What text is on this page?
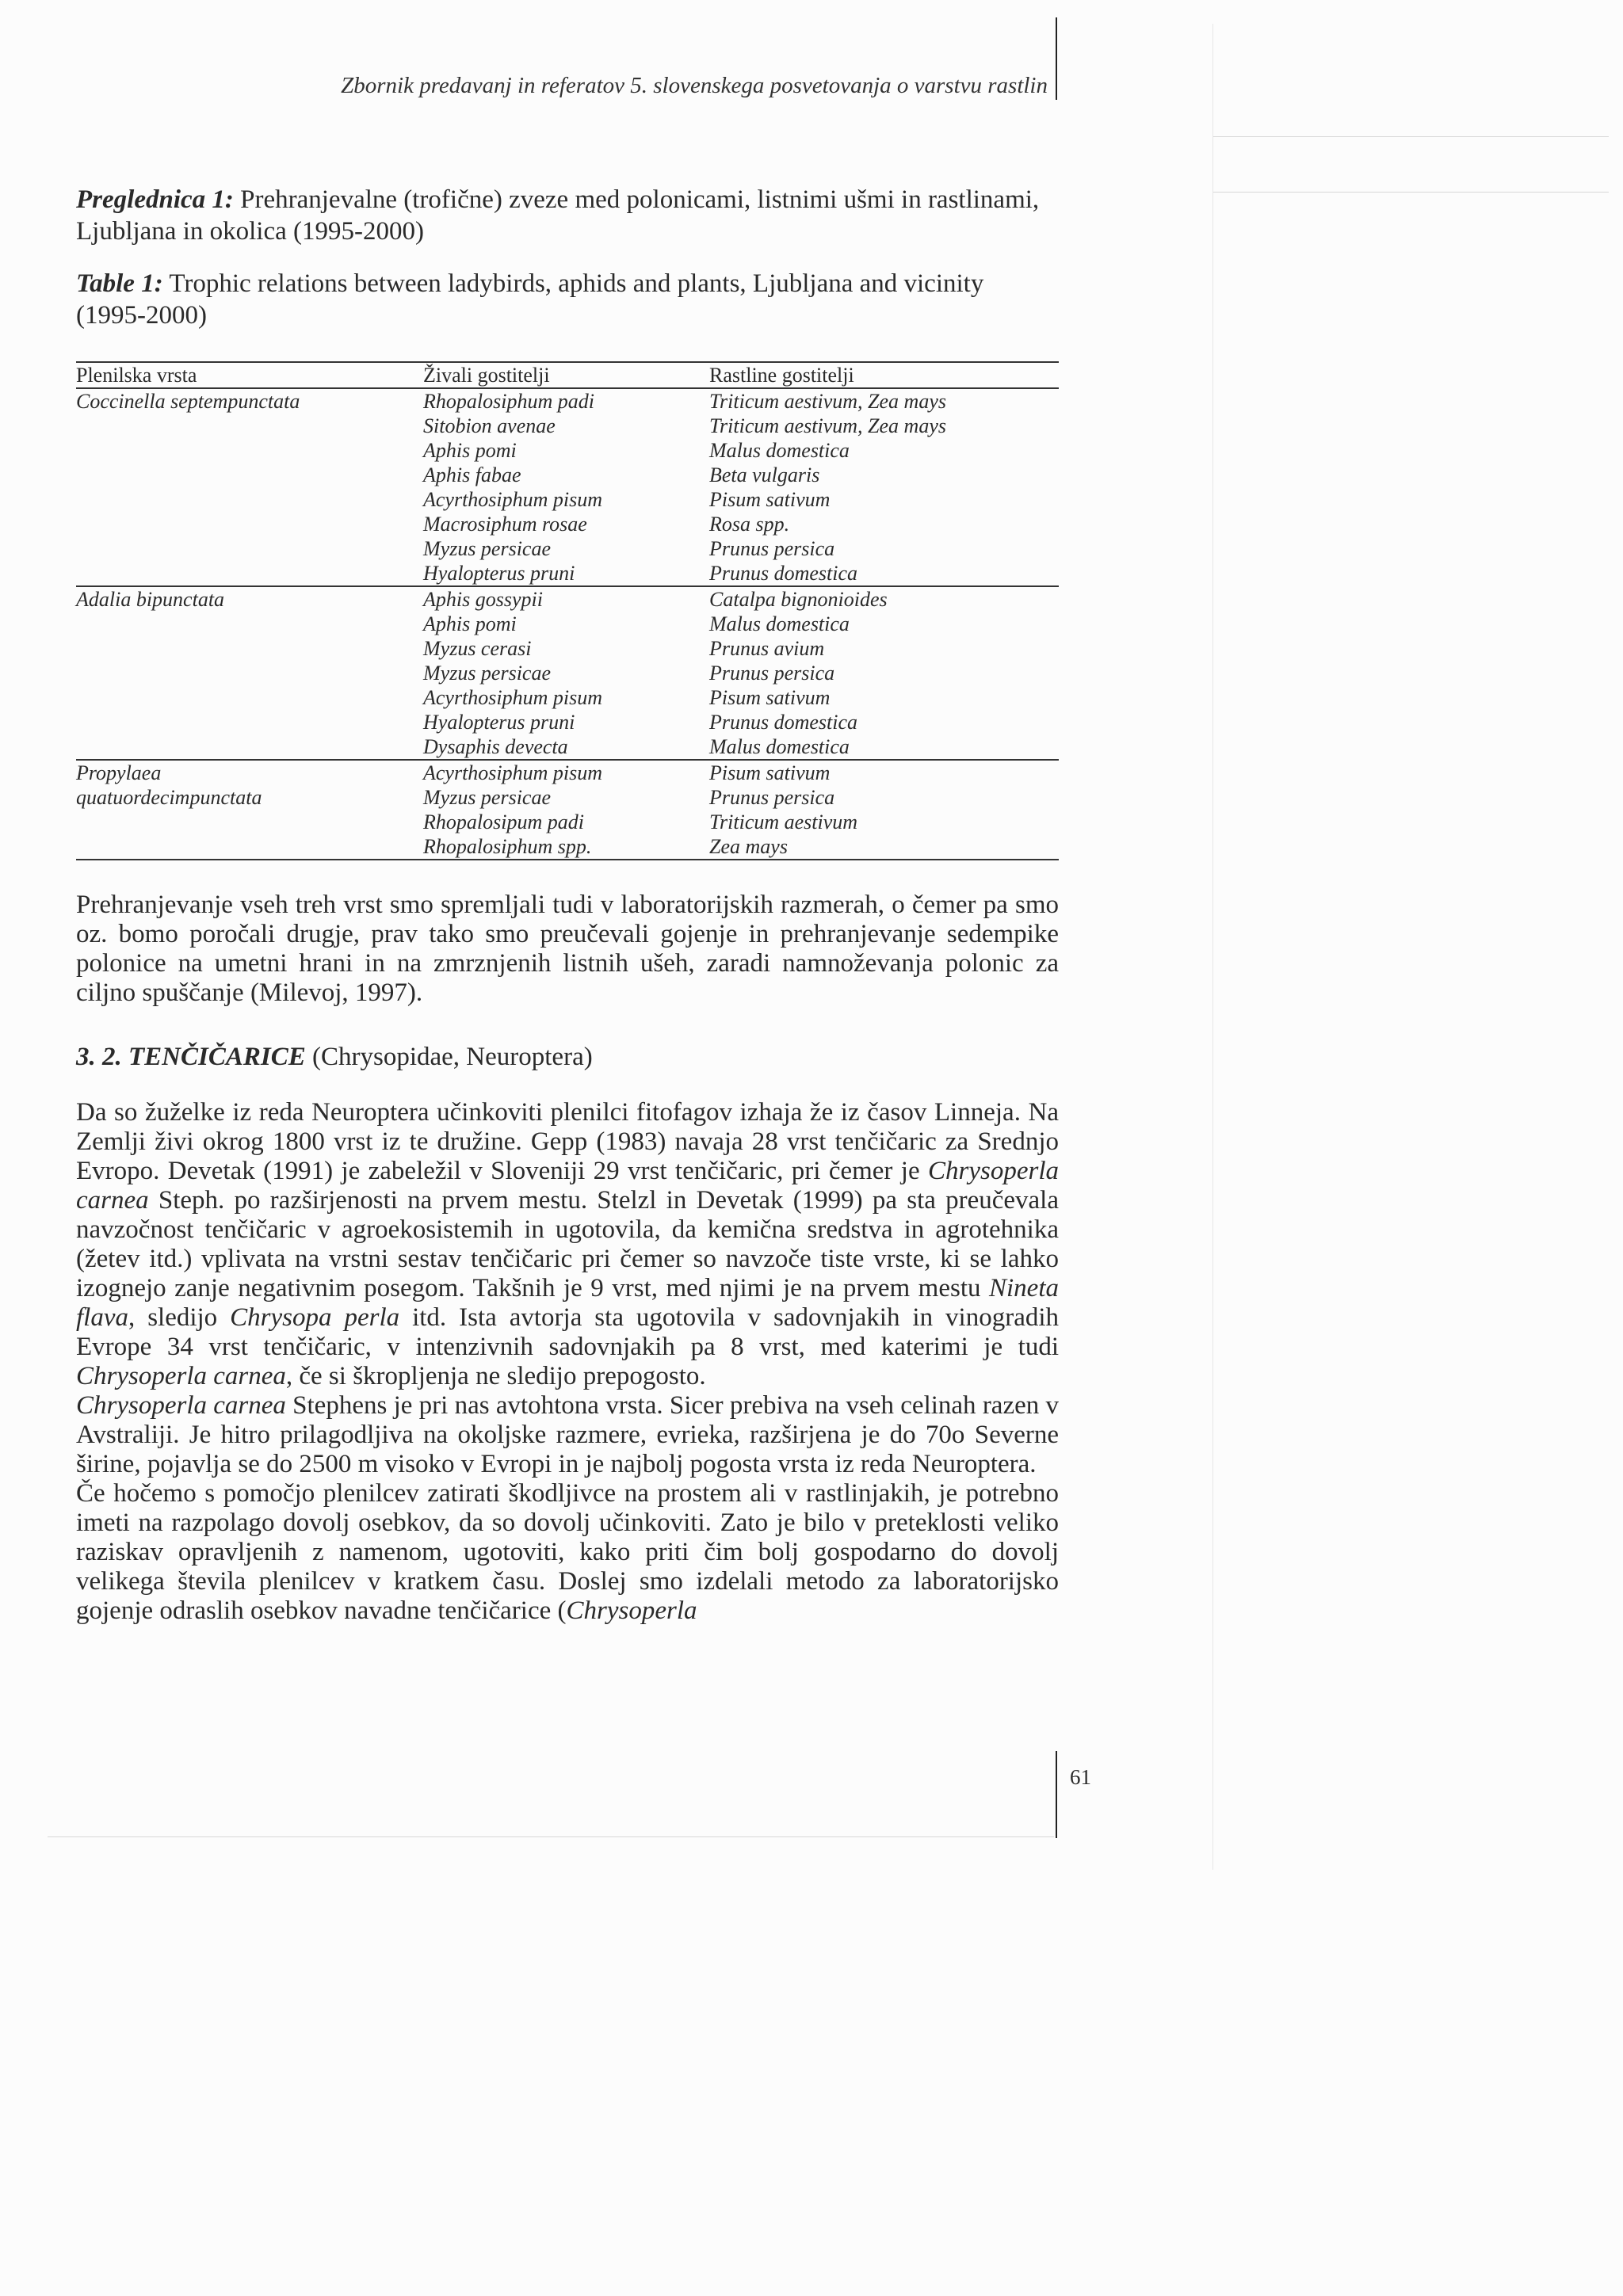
Zbornik predavanj in referatov 5. slovenskega posvetovanja o varstvu rastlin
Preglednica 1: Prehranjevalne (trofične) zveze med polonicami, listnimi ušmi in rastlinami, Ljubljana in okolica (1995-2000)
Table 1: Trophic relations between ladybirds, aphids and plants, Ljubljana and vicinity (1995-2000)
Plenilska vrsta	Živali gostitelji	Rastline gostitelji
Coccinella septempunctata	Rhopalosiphum padi	Triticum aestivum, Zea mays
	Sitobion avenae	Triticum aestivum, Zea mays
	Aphis pomi	Malus domestica
	Aphis fabae	Beta vulgaris
	Acyrthosiphum pisum	Pisum sativum
	Macrosiphum rosae	Rosa spp.
	Myzus persicae	Prunus persica
	Hyalopterus pruni	Prunus domestica
Adalia bipunctata	Aphis gossypii	Catalpa bignonioides
	Aphis pomi	Malus domestica
	Myzus cerasi	Prunus avium
	Myzus persicae	Prunus persica
	Acyrthosiphum pisum	Pisum sativum
	Hyalopterus pruni	Prunus domestica
	Dysaphis devecta	Malus domestica
Propylaea	Acyrthosiphum pisum	Pisum sativum
quatuordecimpunctata	Myzus persicae	Prunus persica
	Rhopalosipum padi	Triticum aestivum
	Rhopalosiphum spp.	Zea mays

Prehranjevanje vseh treh vrst smo spremljali tudi v laboratorijskih razmerah, o čemer pa smo oz. bomo poročali drugje, prav tako smo preučevali gojenje in prehranjevanje sedempike polonice na umetni hrani in na zmrznjenih listnih ušeh, zaradi namnoževanja polonic za ciljno spuščanje (Milevoj, 1997).

3. 2. TENČIČARICE (Chrysopidae, Neuroptera)

Da so žuželke iz reda Neuroptera učinkoviti plenilci fitofagov izhaja že iz časov Linneja. Na Zemlji živi okrog 1800 vrst iz te družine. Gepp (1983) navaja 28 vrst tenčičaric za Srednjo Evropo. Devetak (1991) je zabeležil v Sloveniji 29 vrst tenčičaric, pri čemer je Chrysoperla carnea Steph. po razširjenosti na prvem mestu. Stelzl in Devetak (1999) pa sta preučevala navzočnost tenčičaric v agroekosistemih in ugotovila, da kemična sredstva in agrotehnika (žetev itd.) vplivata na vrstni sestav tenčičaric pri čemer so navzoče tiste vrste, ki se lahko izognejo zanje negativnim posegom. Takšnih je 9 vrst, med njimi je na prvem mestu Nineta flava, sledijo Chrysopa perla itd. Ista avtorja sta ugotovila v sadovnjakih in vinogradih Evrope 34 vrst tenčičaric, v intenzivnih sadovnjakih pa 8 vrst, med katerimi je tudi Chrysoperla carnea, če si škropljenja ne sledijo prepogosto.

Chrysoperla carnea Stephens je pri nas avtohtona vrsta. Sicer prebiva na vseh celinah razen v Avstraliji. Je hitro prilagodljiva na okoljske razmere, evrieka, razširjena je do 70o Severne širine, pojavlja se do 2500 m visoko v Evropi in je najbolj pogosta vrsta iz reda Neuroptera.

Če hočemo s pomočjo plenilcev zatirati škodljivce na prostem ali v rastlinjakih, je potrebno imeti na razpolago dovolj osebkov, da so dovolj učinkoviti. Zato je bilo v preteklosti veliko raziskav opravljenih z namenom, ugotoviti, kako priti čim bolj gospodarno do dovolj velikega števila plenilcev v kratkem času. Doslej smo izdelali metodo za laboratorijsko gojenje odraslih osebkov navadne tenčičarice (Chrysoperla

61
